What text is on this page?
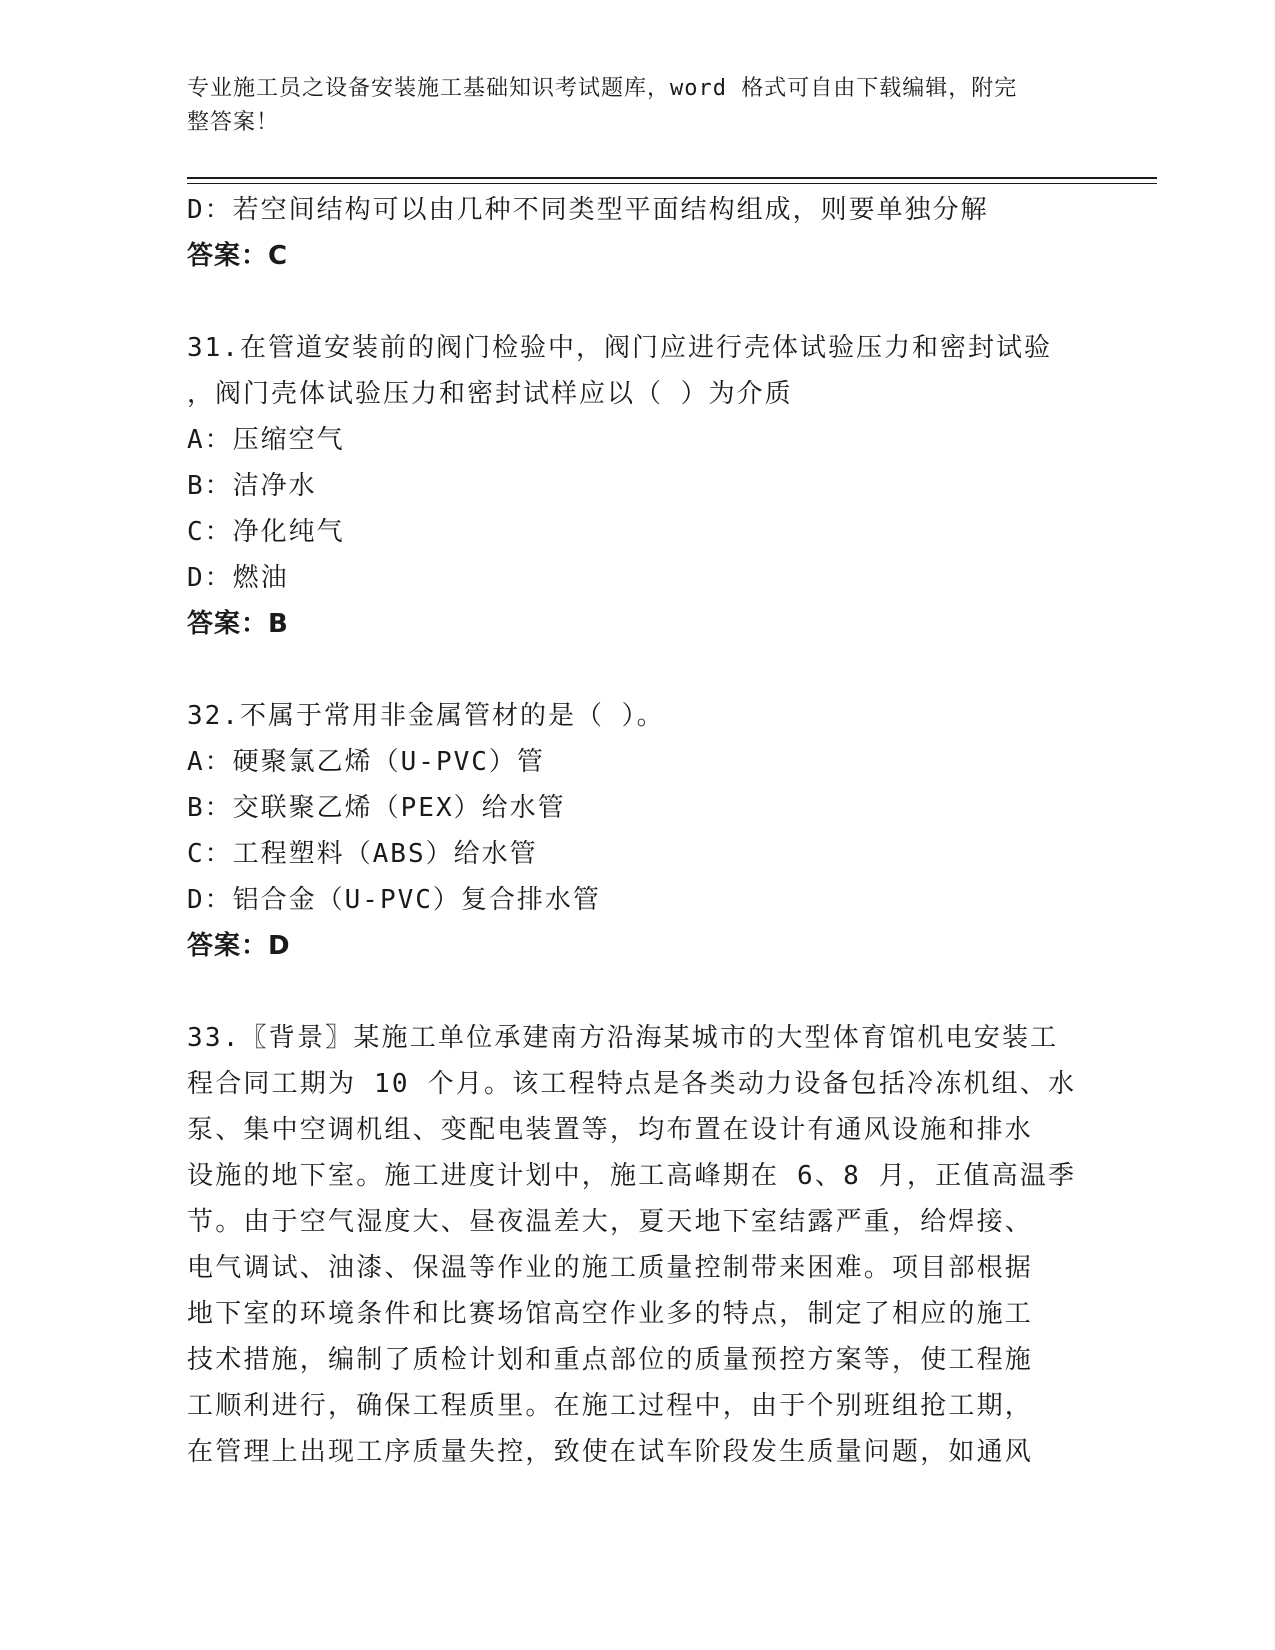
专业施工员之设备安装施工基础知识考试题库，word 格式可自由下载编辑，附完
整答案！
D：若空间结构可以由几种不同类型平面结构组成，则要单独分解
答案：C
31.在管道安装前的阀门检验中，阀门应进行壳体试验压力和密封试验
，阀门壳体试验压力和密封试样应以（ ）为介质
A：压缩空气
B：洁净水
C：净化纯气
D：燃油
答案：B
32.不属于常用非金属管材的是（ ）。
A：硬聚氯乙烯（U-PVC）管
B：交联聚乙烯（PEX）给水管
C：工程塑料（ABS）给水管
D：铝合金（U-PVC）复合排水管
答案：D
33.〖背景〗某施工单位承建南方沿海某城市的大型体育馆机电安装工
程合同工期为 10 个月。该工程特点是各类动力设备包括冷冻机组、水
泵、集中空调机组、变配电装置等，均布置在设计有通风设施和排水
设施的地下室。施工进度计划中，施工高峰期在 6、8 月，正值高温季
节。由于空气湿度大、昼夜温差大，夏天地下室结露严重，给焊接、
电气调试、油漆、保温等作业的施工质量控制带来困难。项目部根据
地下室的环境条件和比赛场馆高空作业多的特点，制定了相应的施工
技术措施，编制了质检计划和重点部位的质量预控方案等，使工程施
工顺利进行，确保工程质里。在施工过程中，由于个别班组抢工期，
在管理上出现工序质量失控，致使在试车阶段发生质量问题，如通风
